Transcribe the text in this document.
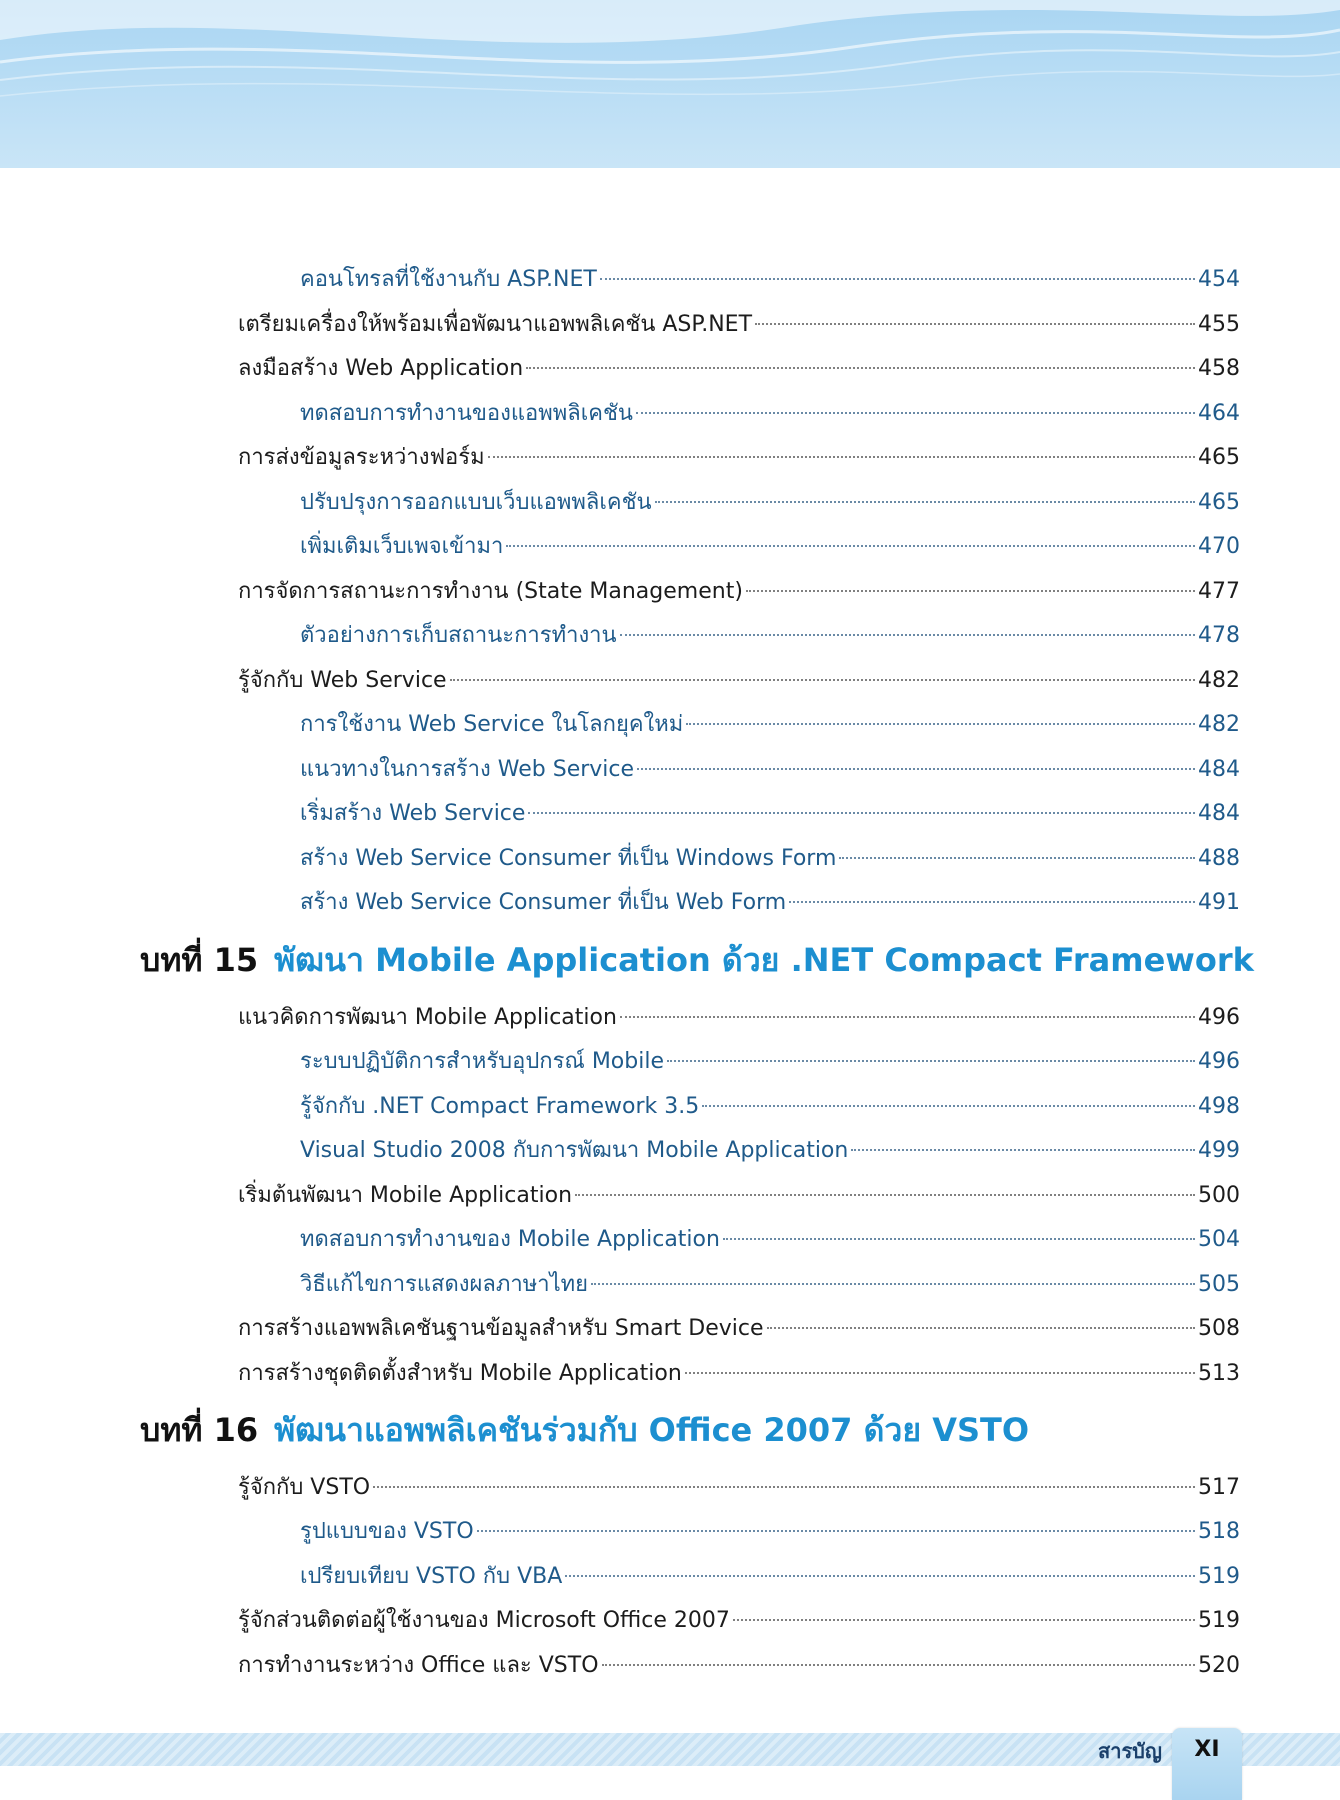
คอนโทรลที่ใช้งานกับ ASP.NET	454
เตรียมเครื่องให้พร้อมเพื่อพัฒนาแอพพลิเคชัน ASP.NET	455
ลงมือสร้าง Web Application	458
ทดสอบการทำงานของแอพพลิเคชัน	464
การส่งข้อมูลระหว่างฟอร์ม	465
ปรับปรุงการออกแบบเว็บแอพพลิเคชัน	465
เพิ่มเติมเว็บเพจเข้ามา	470
การจัดการสถานะการทำงาน (State Management)	477
ตัวอย่างการเก็บสถานะการทำงาน	478
รู้จักกับ Web Service	482
การใช้งาน Web Service ในโลกยุคใหม่	482
แนวทางในการสร้าง Web Service	484
เริ่มสร้าง Web Service	484
สร้าง Web Service Consumer ที่เป็น Windows Form	488
สร้าง Web Service Consumer ที่เป็น Web Form	491
บทที่ 15 พัฒนา Mobile Application ด้วย .NET Compact Framework
แนวคิดการพัฒนา Mobile Application	496
ระบบปฏิบัติการสำหรับอุปกรณ์ Mobile	496
รู้จักกับ .NET Compact Framework 3.5	498
Visual Studio 2008 กับการพัฒนา Mobile Application	499
เริ่มต้นพัฒนา Mobile Application	500
ทดสอบการทำงานของ Mobile Application	504
วิธีแก้ไขการแสดงผลภาษาไทย	505
การสร้างแอพพลิเคชันฐานข้อมูลสำหรับ Smart Device	508
การสร้างชุดติดตั้งสำหรับ Mobile Application	513
บทที่ 16 พัฒนาแอพพลิเคชันร่วมกับ Office 2007 ด้วย VSTO
รู้จักกับ VSTO	517
รูปแบบของ VSTO	518
เปรียบเทียบ VSTO กับ VBA	519
รู้จักส่วนติดต่อผู้ใช้งานของ Microsoft Office 2007	519
การทำงานระหว่าง Office และ VSTO	520
สารบัญ	XI
